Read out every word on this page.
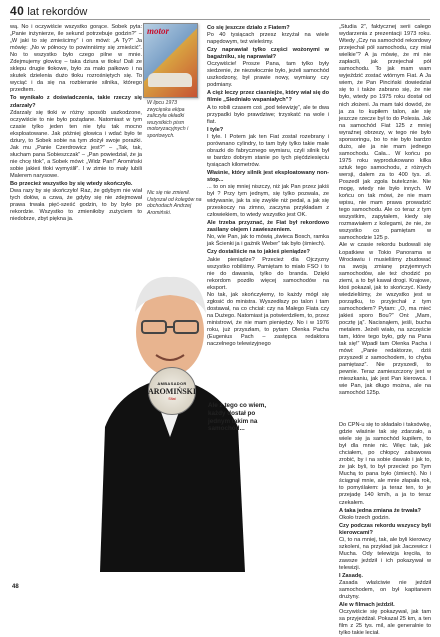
40 lat rekordów

wą. No i oczywiście wszystko gorące. Sobek pyta: „Panie inżynierze, ile sekund potrzebuje godzin?” – „W jaki to się zmieścimy” i on mówi: „A Ty?” Ja mówię: „No w północy to powinniśmy się zmieścić”. No to wszystko było czego pilne w mnie. Zdejmujemy głowicę – taka dziura w tłoku! Dali ze sklepu drugie tłokowe, było za mało pałkowo i na skutek dzielenia dużo tłoku rozrośniętych się. To wyciąć i da się na rozbieranie silnika, którego przedtem.

To wynikało z doświadczenia, takie rzeczy się zdarzały?

Zdarzały się tłoki w różny sposób uszkodzone, oczywiście to nie było pożądane. Natomiast w tym czasie tylko jeden ten nie tylu tak mocno eksploatowane. Jak później głowica i wdać było te dziury, to Sobek sobie na tym złożył swoje porażki. Jak mu „Panie Czerdrowicz jest?” – „Tak, tak, słucham pana Sobieszczak” – „Pan powiedział, że ja nie chcę tłok”, a Sobek mówi: „Widz Pan!” Aromiński sobie jakieś tłoki wymyślił”. I w zimie to mały lubili Malerem narysowe.

Bo przecież wszystko by się wtedy skończyło.

Dwa razy by się skończyło! Raz, że gdybym nie wiał tych dołów, a czwa, że gdyby się nie zdejmował prawa trwała pięć-sześć godzin, to by było po rekordzie. Wszystko to zmieniłoby zużyciem to niedobrze, zbyt piękna ja.

Co się jeszcze działo z Fiatem?

Po 40 tysiącach przesz krzyżał na wiele napędowym, też wieleśmy.

Czy naprawiał tylko części wożonymi w bagażniku, się naprawiał?

Oczywiście! Prosze Pana, tam tylko były siedzenie, że niezwłocznie było, jeżeli samochód uszkodzony, był prawie nowy, wymiany czy podmiany.

A cięż leczy przez ciasniejże, który wiał się do filmie „Siedniało wspaniałych”?

A to robili czasem coś „pod telewizję”, ale te dwa przypadki było prawdziwe; trzyskatć na wole i fiat.

I tyle?

I tyle. I Potem jak ten Fiat został rozebrany i porównano cylindry, to tam były tylko takie małe obrazki do fabrycznego wymiaru, czyli silnik był w bardzo dobrym stanie po tych pięćdziesięciu tysiącach kilometrów.

Właśnie, który silnik jest eksploatowany non-stop...

... to on się mniej niszczy, niż jak Pan przez jakiś był ? Przy tym jednym, się tylko pozwala, ze widywanie, jak ta się zwykłe niż pedał, a jak się przeskoczy na zimno, zaczyna przykładam z człowiekiem, to wtedy wszystko jest OK.

Ale trzeba przyznać, że Fiat był rekordowo zasilany olejem i zawieszeniem.

No, wie Pan, jak to mówią „świeca Bosch, ramka jak Ścienki ja i gaźnik Weber” tak było (śmiech).

Czy dostaliście na to jakieś pieniądze?

Jakie pieniądze? Przecież dla Ojczyzny wszystko robiliśmy. Pamiętam to miało FSO i to nie do dawania, tylko do branda. Dzięki rekordom pozdło więcej samochodów na eksport.

No tak, jak skończyłemy, to każdy mógł się zgłosić do ministra. Wyszedłszy po talon i tam dostawał, na co chciał: czy na Małego Fiata czy na Dużego. Natomiast ja potwierdziłem, to, przez ministrowi, że nie mam pieniędzy. No i w 1976 roku, już przyszłam, to pytam Olenka Pacha (Eugenius Pach – zastępca redaktora naczelnego telewizyjnego

„Studia 2”, faktycznej serii całego wydarzenia z prezentacji 1973 roku. Wtedy „Czy na samochód rekordowy przejechał pół samochodu, czy miał wielkie”? A ja mówię, że mi nie zapłacili, jak przejechał pół samochodu. To jak mam wam wyjeździć zostać wtórnym Fiat. A Ja wiem, że Pan Pinciński dowiedział się to i także zabrano się, że nie było, wtedy po 1975 roku dostał od nich złożeni. Ja mam taki dowód, że ja za to kupiłem talon, ale się jeszcze rzecze był to do Polesia. Jak na samochód Fiat 125 z mniej wyraźnej obrzezy, w tego nie było sponsoringu, bo to nie było bardzo dużo, ale ja nie mam jednego samochodu. Cała... W końcu po 1975 roku wyprodukowano kilka sztuk tego samochodu, z różnych wersji, dałem za to 400 tys. zł. Poszedł jak zgoła butelcznie. Nie mogę, wtedy nie było innych. W końcu on tak mówi, że nie mam wpisu, nie mam prawa prowadzić tego samochodu. Ale co teraz z tym wszystkim, zapytałem, kiedy się rozmawiałem z kolegami, że nie, że wszystko co pamiętam w samochodzie 125 p.

Ale w czasie rekordu budowali się Łopatkiew w Tokio Panorama w Wrocławiu i musieliśmy zbudować na swoją zmianę przyjemnych samochodów, ale też chodzić po ziemi, a to był kawał drogi. Krajowe, ktoś pokazał, jak to skończyć. Kiedy wiedzieliśmy, że wszystko jest w porządku, to przyjechał z tym samochodem? Pytam: „O, ma mieć jakieś sporo Bou?” Oni: „Mam, pocztę ją”. Nacisnąłem, jeśli, bucha metalem. Jeżeli wiało, na szczęście tam, które tego było, gdy na Pana tak się!” Wpadł tam Olenka Pacha i mówi: „Panie redaktorze, dziś przyszedł z samochodem, to chyba pamiętasz”. Nie przyszedł, to pewnie. Teraz zamieszczony jest w mieszkaniu, jak jest Pan kierowca. I wie Pan, jak długo można, ale na samochód 125p.

Do CPN-u się to składało i taksówkę, gdzie właśnie tak się zdarzało, a wiele się ja samochód kupiłem, to był dla mnie nic. Więc tak, jak chciałem, po chłopcy zabawowa zrobić, by i na sobie dawało i jak to, że jak byli, to był przecież po Tym Muchą to pana było (śmiech). No i ściągnął mnie, ale mnie złapała rok, to pomyślałem: ja teraz ten, to je przejadę 140 km/h, a ja to teraz czekałem.

A taka jedna zmiana że trwała?

Około trzech godzin.

Czy podczas rekordu wszyscy byli kierowcami?

Ci, to na mniej, tak, ale byli kierowcy szkoleni, na przykład jak Jaczewicz i Mucha. Ody telewizja kręciła, to zawsze jeździł i ich pokazywał w telewizji.

I Zasadę.

Zasada właściwie nie jeździł samochodem, on był kapitanem drużyny.

Ale w filmach jeździł.

Oczywiście się pokazywał, jak tam sa przyjeżdżał. Pokazał 25 km, a ten film z 25 tys. mil, ale generalnie to tylko takie leciał.

motor
W lipcu 1973 zwycięska ekipa zaliczyła okładki wszystkich pism motoryzacyjnych i sportowych.
Nic się nie zmienił. Ustyszał od kolegów na obchodach Andrzej Aromiński.
AMBASADOR
AROMIŃSKI
Sfiat
Ale z tego co wiem, każdy dostał po jednym takim na samochód...
48
